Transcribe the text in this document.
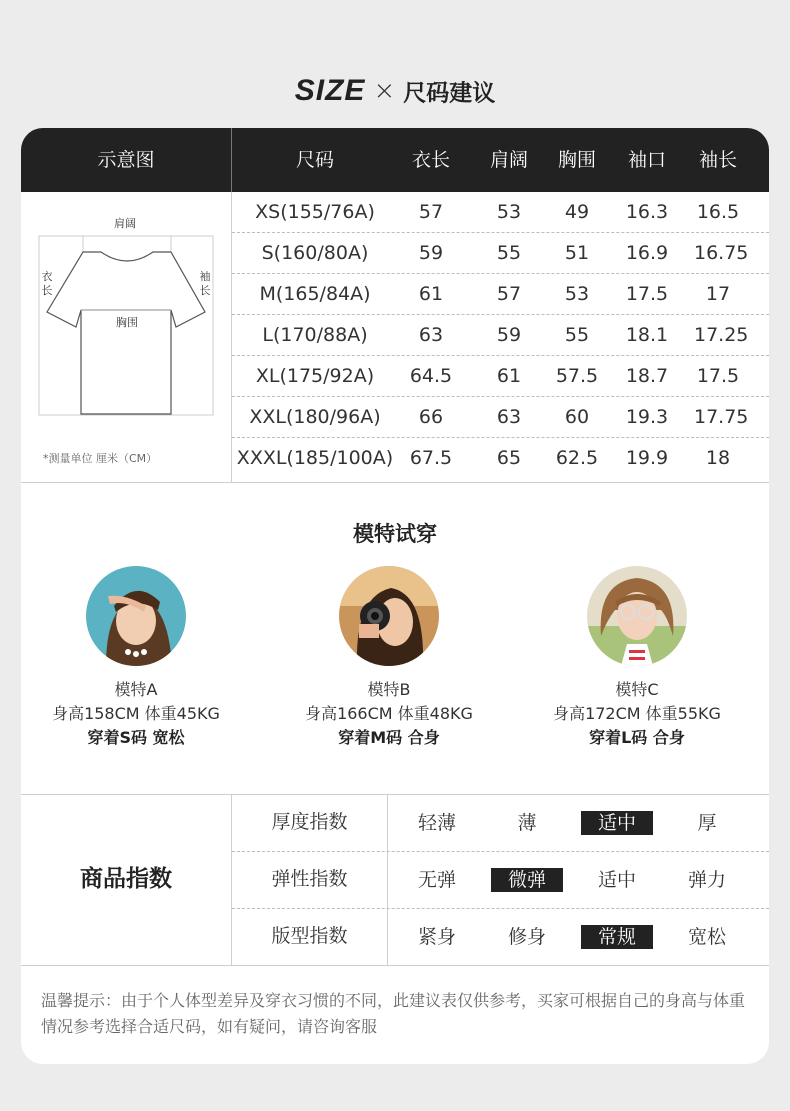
SIZE × 尺码建议
示意图	尺码	衣长	肩阔	胸围	袖口	袖长
肩阔
胸围
衣
长
袖
长
*测量单位 厘米（CM）
XS(155/76A)	57	53	49	16.3	16.5
S(160/80A)	59	55	51	16.9	16.75
M(165/84A)	61	57	53	17.5	17
L(170/88A)	63	59	55	18.1	17.25
XL(175/92A)	64.5	61	57.5	18.7	17.5
XXL(180/96A)	66	63	60	19.3	17.75
XXXL(185/100A) 67.5	65	62.5	19.9	18
模特试穿
模特A
身高158CM 体重45KG
穿着S码 宽松
模特B
身高166CM 体重48KG
穿着M码 合身
模特C
身高172CM 体重55KG
穿着L码 合身
商品指数
厚度指数	轻薄	薄	适中	厚
弹性指数	无弹	微弹	适中	弹力
版型指数	紧身	修身	常规	宽松
温馨提示：由于个人体型差异及穿衣习惯的不同，此建议表仅供参考，买家可根据自己的身高与体重情况参考选择合适尺码，如有疑问，请咨询客服
